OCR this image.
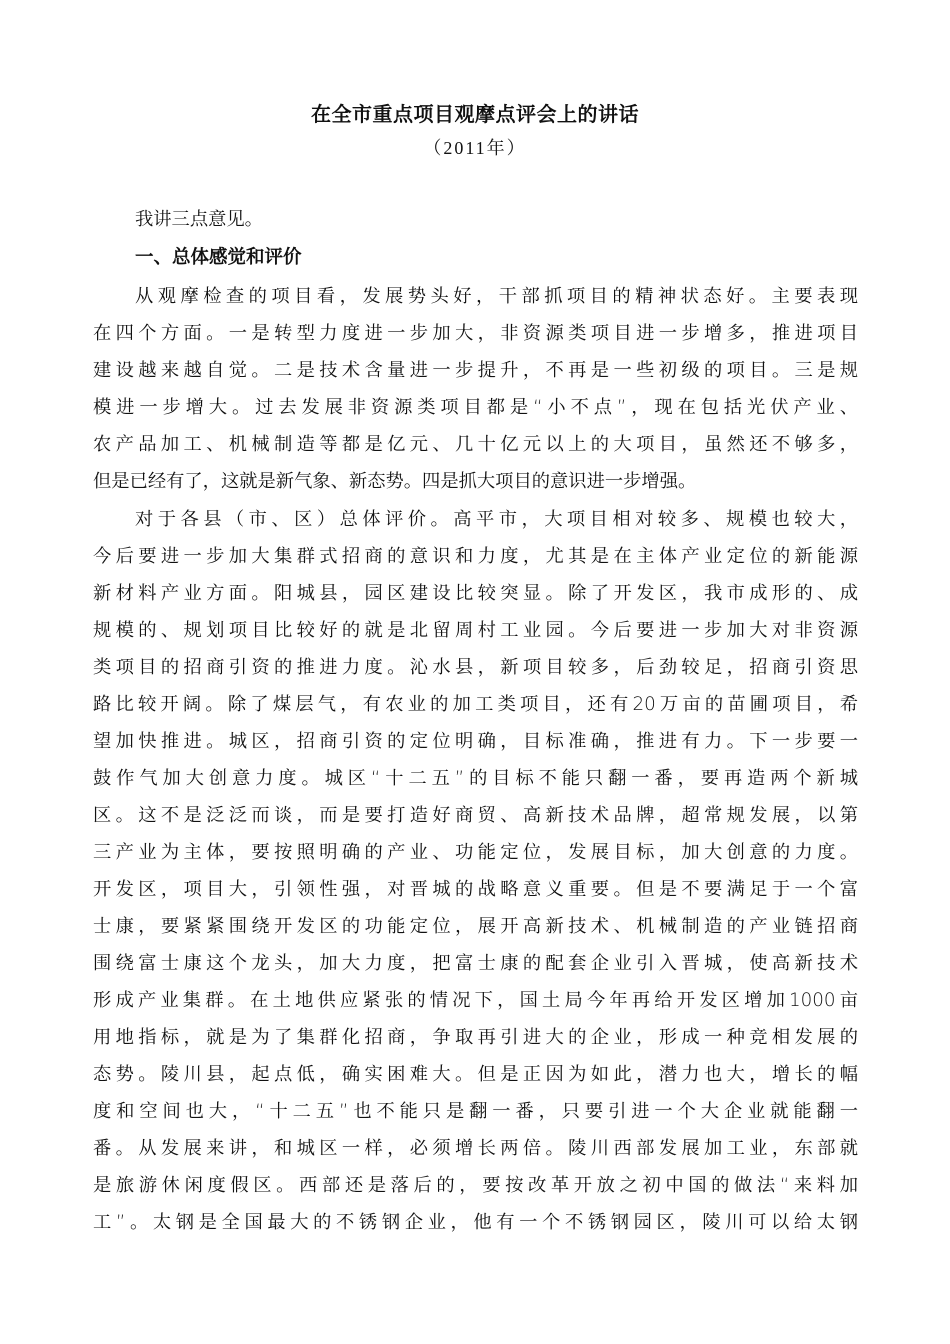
在全市重点项目观摩点评会上的讲话
（2011年）
我讲三点意见。
一、总体感觉和评价
从观摩检查的项目看，发展势头好，干部抓项目的精神状态好。主要表现
在四个方面。一是转型力度进一步加大，非资源类项目进一步增多，推进项目
建设越来越自觉。二是技术含量进一步提升，不再是一些初级的项目。三是规
模进一步增大。过去发展非资源类项目都是“小不点”，现在包括光伏产业、
农产品加工、机械制造等都是亿元、几十亿元以上的大项目，虽然还不够多，
但是已经有了，这就是新气象、新态势。四是抓大项目的意识进一步增强。
对于各县（市、区）总体评价。高平市，大项目相对较多、规模也较大，
今后要进一步加大集群式招商的意识和力度，尤其是在主体产业定位的新能源
新材料产业方面。阳城县，园区建设比较突显。除了开发区，我市成形的、成
规模的、规划项目比较好的就是北留周村工业园。今后要进一步加大对非资源
类项目的招商引资的推进力度。沁水县，新项目较多，后劲较足，招商引资思
路比较开阔。除了煤层气，有农业的加工类项目，还有20万亩的苗圃项目，希
望加快推进。城区，招商引资的定位明确，目标准确，推进有力。下一步要一
鼓作气加大创意力度。城区“十二五”的目标不能只翻一番，要再造两个新城
区。这不是泛泛而谈，而是要打造好商贸、高新技术品牌，超常规发展，以第
三产业为主体，要按照明确的产业、功能定位，发展目标，加大创意的力度。
开发区，项目大，引领性强，对晋城的战略意义重要。但是不要满足于一个富
士康，要紧紧围绕开发区的功能定位，展开高新技术、机械制造的产业链招商
围绕富士康这个龙头，加大力度，把富士康的配套企业引入晋城，使高新技术
形成产业集群。在土地供应紧张的情况下，国土局今年再给开发区增加1000亩
用地指标，就是为了集群化招商，争取再引进大的企业，形成一种竞相发展的
态势。陵川县，起点低，确实困难大。但是正因为如此，潜力也大，增长的幅
度和空间也大，“十二五”也不能只是翻一番，只要引进一个大企业就能翻一
番。从发展来讲，和城区一样，必须增长两倍。陵川西部发展加工业，东部就
是旅游休闲度假区。西部还是落后的，要按改革开放之初中国的做法“来料加
工”。太钢是全国最大的不锈钢企业，他有一个不锈钢园区，陵川可以给太钢
